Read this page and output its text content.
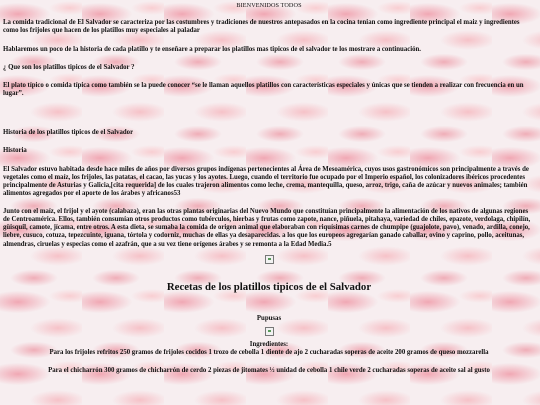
BIENVENIDOS TODOS

La comida tradicional de El Salvador se caracteriza por las costumbres y tradiciones de nuestros antepasados en la cocina tenian como ingrediente principal el maiz y ingredientes como los frijoles que hacen de los platillos muy especiales al paladar

Hablaremos un poco de la historia de cada platillo y te enseñare a preparar los platillos mas tipicos de el salvador te los mostrare a continuación.

¿ Que son los platillos tipicos de el Salvador ?

El plato típico o comida típica como también se la puede conocer “se le llaman aquellos platillos con características especiales y únicas que se tienden a realizar con frecuencia en un lugar”.

Historia de los platillos tipicos de el Salvador

Historia

El Salvador estuvo habitada desde hace miles de años por diversos grupos indígenas pertenecientes al Área de Mesoamérica, cuyos usos gastronómicos son principalmente a través de vegetales como el maíz, los frijoles, las patatas, el cacao, las yucas y los ayotes. Luego, cuando el territorio fue ocupado por el Imperio español, los colonizadores ibéricos procedentes principalmente de Asturias y Galicia,[cita requerida] de los cuales trajeron alimentos como leche, crema, mantequilla, queso, arroz, trigo, caña de azúcar y nuevos animales; también alimentos agregados por el aporte de los árabes y africanos53

Junto con el maíz, el frijol y el ayote (calabaza), eran las otras plantas originarias del Nuevo Mundo que constituían principalmente la alimentación de los nativos de algunas regiones de Centroamérica. Ellos, también consumían otros productos como tubérculos, hierbas y frutas como zapote, nance, piñuela, pitahaya, variedad de chiles, epazote, verdolaga, chipilín, güisquil, camote, jícama, entre otros. A esta dieta, se sumaba la comida de origen animal que elaboraban con riquísimas carnes de chumpipe (guajolote, pavo), venado, ardilla, conejo, liebre, cusuco, cotuza, tepezcuinte, iguana, tórtola y codorniz, muchas de ellas ya desaparecidas. a los que los europeos agregarían ganado caballar, ovino y caprino, pollo, aceitunas, almendras, ciruelas y especias como el azafrán, que a su vez tiene orígenes árabes y se remonta a la Edad Media.5

Recetas de los platillos tipicos de el Salvador
Pupusas
Ingredientes:
Para los frijoles refritos 250 gramos de frijoles cocidos 1 trozo de cebolla 1 diente de ajo 2 cucharadas soperas de aceite 200 gramos de queso mozzarella
Para el chicharrón 300 gramos de chicharrón de cerdo 2 piezas de jitomates ½ unidad de cebolla 1 chile verde 2 cucharadas soperas de aceite sal al gusto
